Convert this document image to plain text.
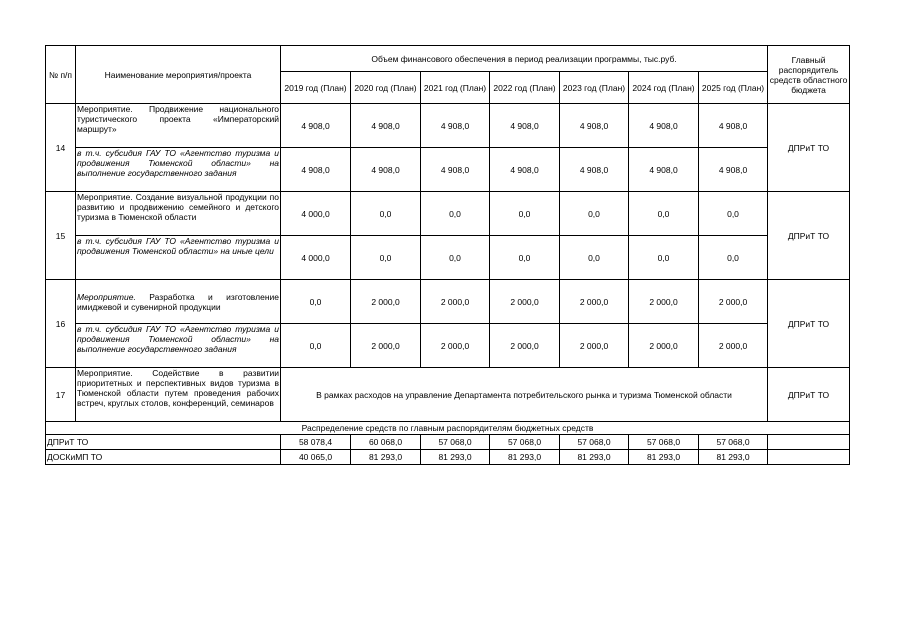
№ п/п	Наименование мероприятия/проекта	Объем финансового обеспечения в период реализации программы, тыс.руб.							Главный распорядитель средств областного бюджета
		2019 год (План)	2020 год (План)	2021 год (План)	2022 год (План)	2023 год (План)	2024 год (План)	2025 год (План)	
14	Мероприятие. Продвижение национального туристического проекта «Императорский маршрут»	4 908,0	4 908,0	4 908,0	4 908,0	4 908,0	4 908,0	4 908,0	ДПРиТ ТО
	в т.ч. субсидия ГАУ ТО «Агентство туризма и продвижения Тюменской области» на выполнение государственного задания	4 908,0	4 908,0	4 908,0	4 908,0	4 908,0	4 908,0	4 908,0	
15	Мероприятие. Создание визуальной продукции по развитию и продвижению семейного и детского туризма в Тюменской области	4 000,0	0,0	0,0	0,0	0,0	0,0	0,0	ДПРиТ ТО
	в т.ч. субсидия ГАУ ТО «Агентство туризма и продвижения Тюменской области» на иные цели	4 000,0	0,0	0,0	0,0	0,0	0,0	0,0	
16	Мероприятие. Разработка и изготовление имиджевой и сувенирной продукции	0,0	2 000,0	2 000,0	2 000,0	2 000,0	2 000,0	2 000,0	ДПРиТ ТО
	в т.ч. субсидия ГАУ ТО «Агентство туризма и продвижения Тюменской области» на выполнение государственного задания	0,0	2 000,0	2 000,0	2 000,0	2 000,0	2 000,0	2 000,0	
17	Мероприятие. Содействие в развитии приоритетных и перспективных видов туризма в Тюменской области путем проведения рабочих встреч, круглых столов, конференций, семинаров	В рамках расходов на управление Департамента потребительского рынка и туризма Тюменской области							ДПРиТ ТО
Распределение средств по главным распорядителям бюджетных средств									
ДПРиТ ТО		58 078,4	60 068,0	57 068,0	57 068,0	57 068,0	57 068,0	57 068,0	
ДОСКиМП ТО		40 065,0	81 293,0	81 293,0	81 293,0	81 293,0	81 293,0	81 293,0	
